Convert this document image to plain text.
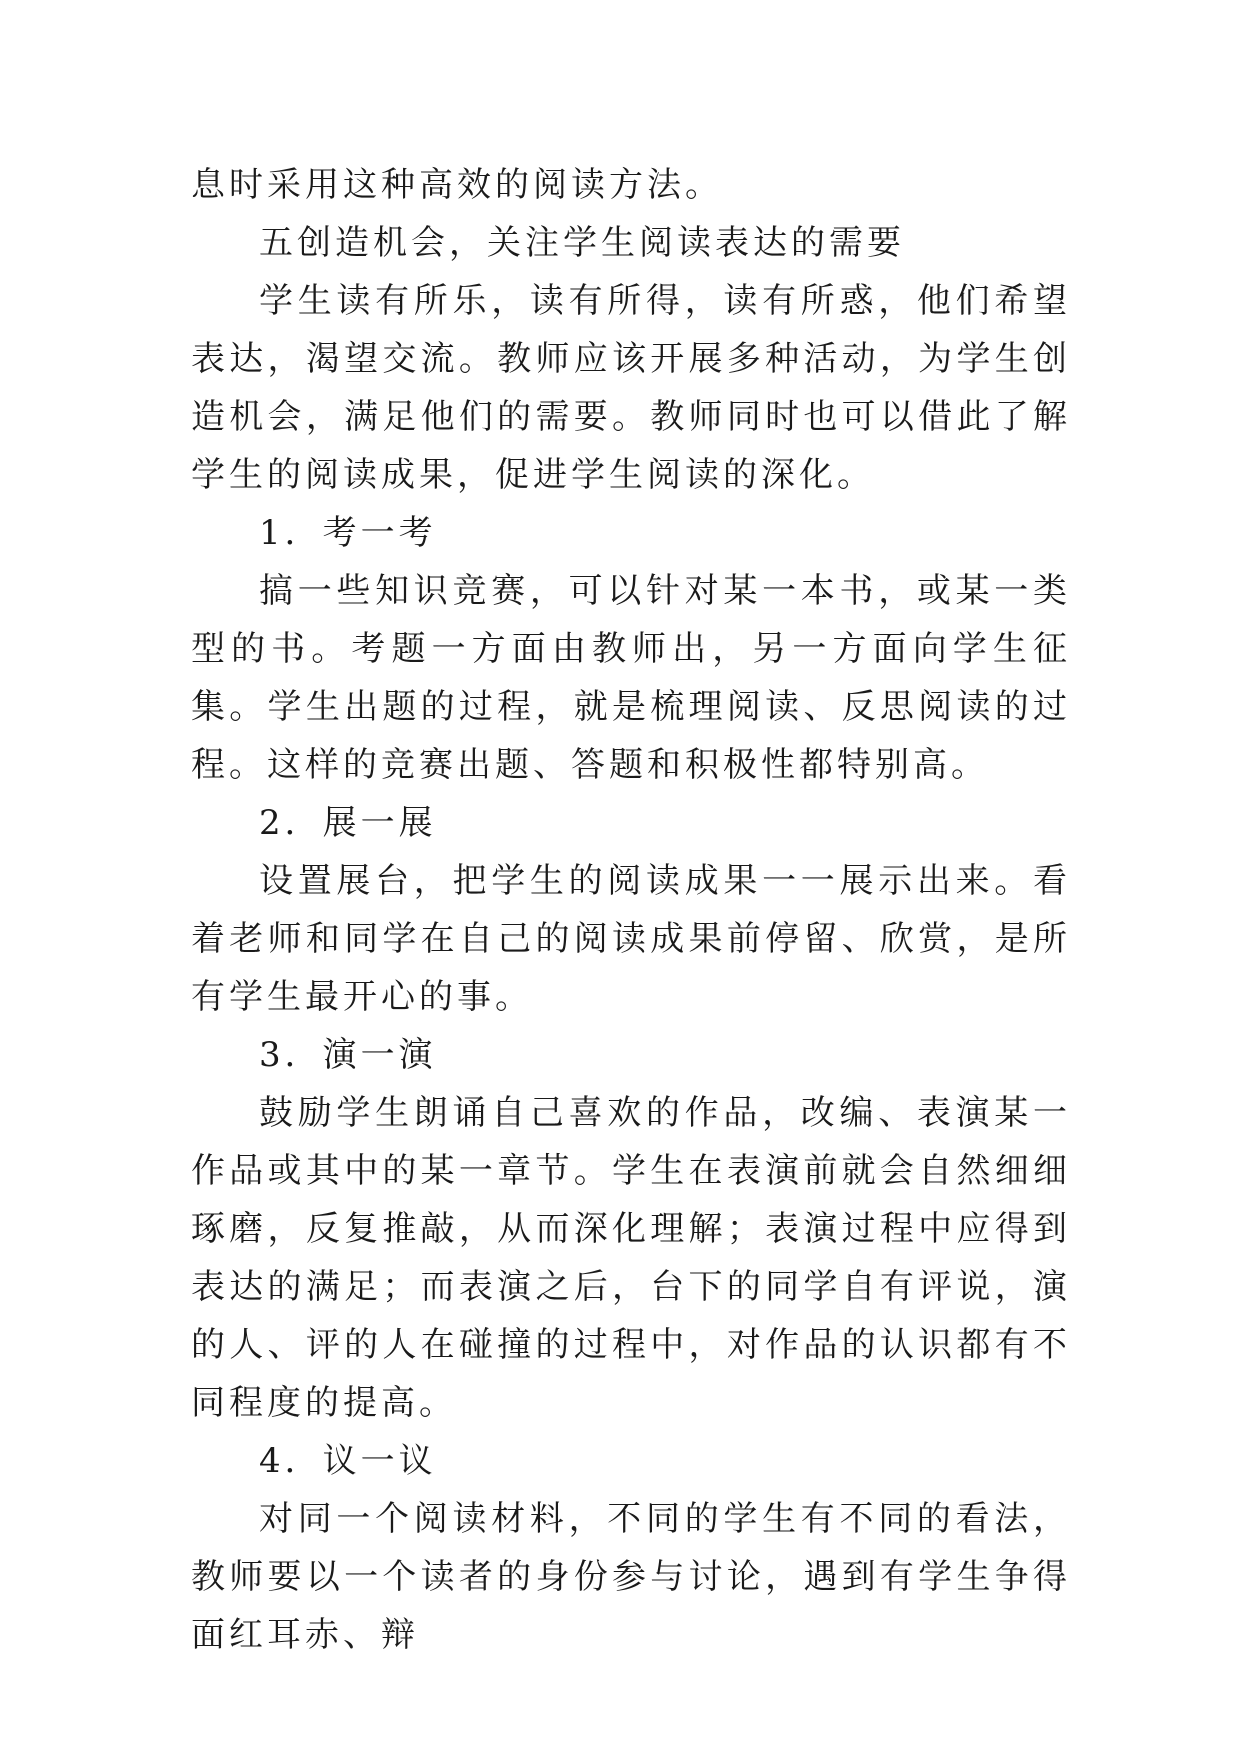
息时采用这种高效的阅读方法。

五创造机会，关注学生阅读表达的需要

学生读有所乐，读有所得，读有所惑，他们希望表达，渴望交流。教师应该开展多种活动，为学生创造机会，满足他们的需要。教师同时也可以借此了解学生的阅读成果，促进学生阅读的深化。

1．考一考

搞一些知识竞赛，可以针对某一本书，或某一类型的书。考题一方面由教师出，另一方面向学生征集。学生出题的过程，就是梳理阅读、反思阅读的过程。这样的竞赛出题、答题和积极性都特别高。

2．展一展

设置展台，把学生的阅读成果一一展示出来。看着老师和同学在自己的阅读成果前停留、欣赏，是所有学生最开心的事。

3．演一演

鼓励学生朗诵自己喜欢的作品，改编、表演某一作品或其中的某一章节。学生在表演前就会自然细细琢磨，反复推敲，从而深化理解；表演过程中应得到表达的满足；而表演之后，台下的同学自有评说，演的人、评的人在碰撞的过程中，对作品的认识都有不同程度的提高。

4．议一议

对同一个阅读材料，不同的学生有不同的看法，教师要以一个读者的身份参与讨论，遇到有学生争得面红耳赤、辩
